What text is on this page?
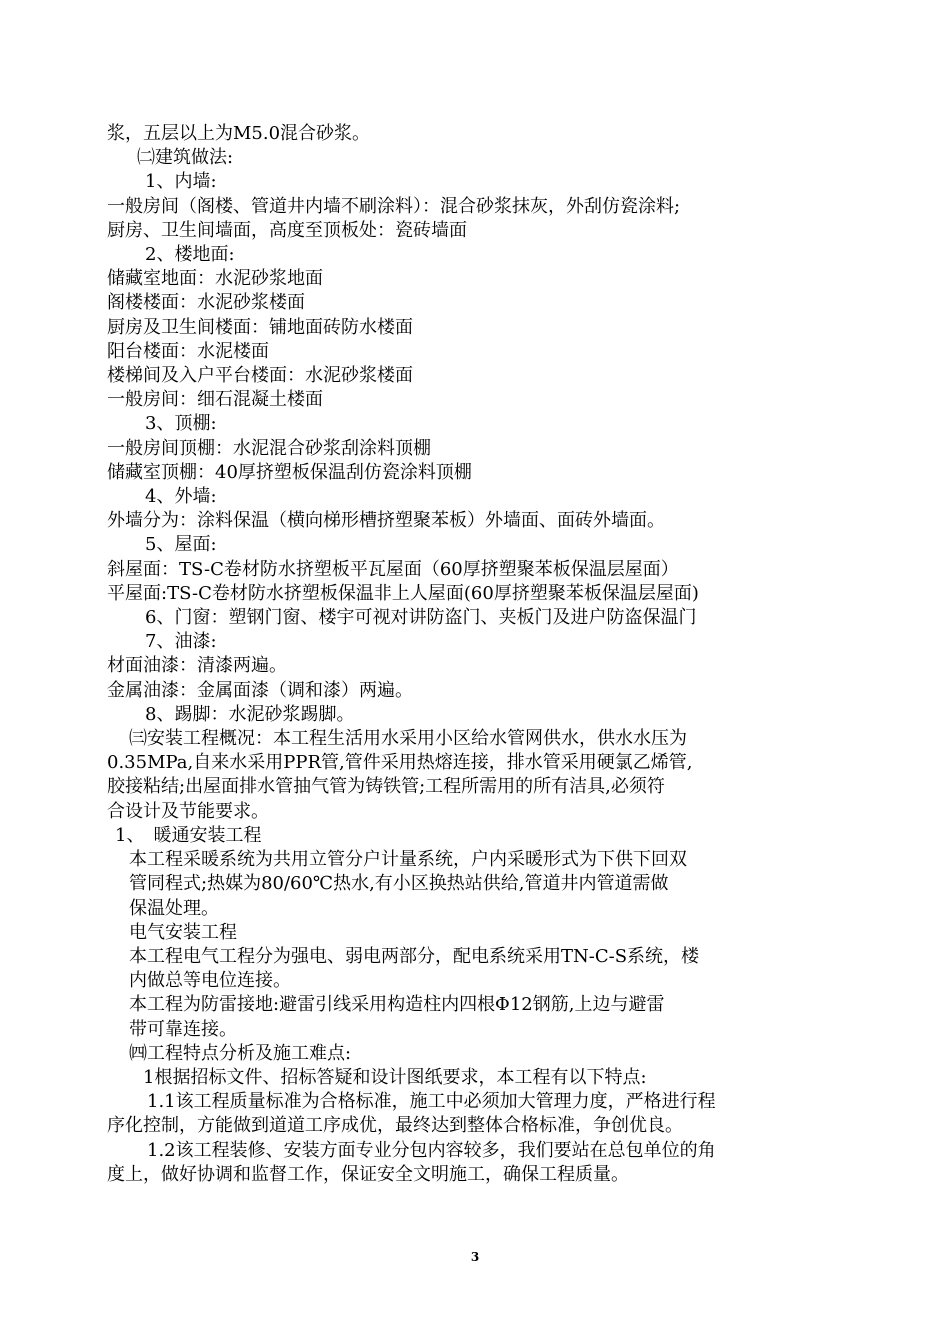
浆，五层以上为M5.0混合砂浆。
㈡建筑做法:
1、内墙:
一般房间（阁楼、管道井内墙不刷涂料）：混合砂浆抹灰，外刮仿瓷涂料;
厨房、卫生间墙面，高度至顶板处：瓷砖墙面
2、楼地面:
储藏室地面：水泥砂浆地面
阁楼楼面：水泥砂浆楼面
厨房及卫生间楼面：铺地面砖防水楼面
阳台楼面：水泥楼面
楼梯间及入户平台楼面：水泥砂浆楼面
一般房间：细石混凝土楼面
3、顶棚:
一般房间顶棚：水泥混合砂浆刮涂料顶棚
储藏室顶棚：40厚挤塑板保温刮仿瓷涂料顶棚
4、外墙:
外墙分为：涂料保温（横向梯形槽挤塑聚苯板）外墙面、面砖外墙面。
5、屋面:
斜屋面：TS-C卷材防水挤塑板平瓦屋面（60厚挤塑聚苯板保温层屋面）
平屋面:TS-C卷材防水挤塑板保温非上人屋面(60厚挤塑聚苯板保温层屋面)
6、门窗：塑钢门窗、楼宇可视对讲防盗门、夹板门及进户防盗保温门
7、油漆:
材面油漆：清漆两遍。
金属油漆：金属面漆（调和漆）两遍。
8、踢脚：水泥砂浆踢脚。
㈢安装工程概况：本工程生活用水采用小区给水管网供水，供水水压为
0.35MPa,自来水采用PPR管,管件采用热熔连接，排水管采用硬氯乙烯管,
胶接粘结;出屋面排水管抽气管为铸铁管;工程所需用的所有洁具,必须符
合设计及节能要求。
1、　暖通安装工程
本工程采暖系统为共用立管分户计量系统，户内采暖形式为下供下回双
管同程式;热媒为80/60℃热水,有小区换热站供给,管道井内管道需做
保温处理。
电气安装工程
本工程电气工程分为强电、弱电两部分，配电系统采用TN-C-S系统，楼
内做总等电位连接。
本工程为防雷接地:避雷引线采用构造柱内四根Φ12钢筋,上边与避雷
带可靠连接。
㈣工程特点分析及施工难点:
1根据招标文件、招标答疑和设计图纸要求，本工程有以下特点:
1.1该工程质量标准为合格标准，施工中必须加大管理力度，严格进行程
序化控制，方能做到道道工序成优，最终达到整体合格标准，争创优良。
1.2该工程装修、安装方面专业分包内容较多，我们要站在总包单位的角
度上，做好协调和监督工作，保证安全文明施工，确保工程质量。
3
